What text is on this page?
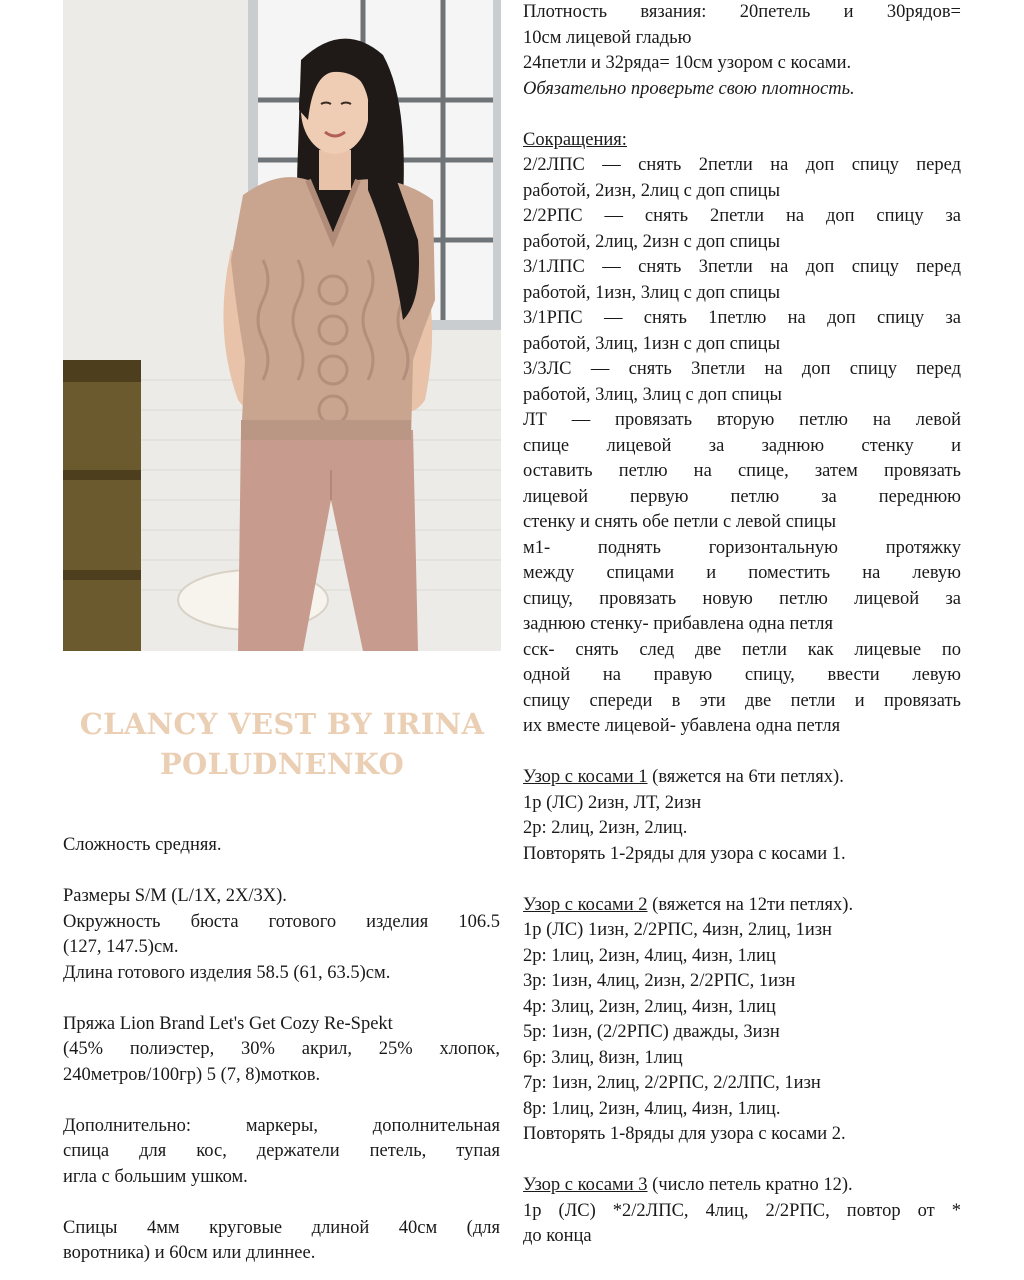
CLANCY VEST BY IRINA
POLUDNENKO
Сложность средняя.
Размеры S/M (L/1X, 2X/3X).
Окружность бюста готового изделия 106.5
(127, 147.5)см.
Длина готового изделия 58.5 (61, 63.5)см.
Пряжа Lion Brand Let's Get Cozy Re-Spekt
(45% полиэстер, 30% акрил, 25% хлопок,
240метров/100гр) 5 (7, 8)мотков.
Дополнительно: маркеры, дополнительная
спица для кос, держатели петель, тупая
игла с большим ушком.
Спицы 4мм круговые длиной 40см (для
воротника) и 60см или длиннее.
Плотность вязания: 20петель и 30рядов=
10см лицевой гладью
24петли и 32ряда= 10см узором с косами.
Обязательно проверьте свою плотность.
Сокращения:
2/2ЛПС — снять 2петли на доп спицу перед
работой, 2изн, 2лиц с доп спицы
2/2РПС — снять 2петли на доп спицу за
работой, 2лиц, 2изн с доп спицы
3/1ЛПС — снять 3петли на доп спицу перед
работой, 1изн, 3лиц с доп спицы
3/1РПС — снять 1петлю на доп спицу за
работой, 3лиц, 1изн с доп спицы
3/3ЛС — снять 3петли на доп спицу перед
работой, 3лиц, 3лиц с доп спицы
ЛТ — провязать вторую петлю на левой
спице лицевой за заднюю стенку и
оставить петлю на спице, затем провязать
лицевой первую петлю за переднюю
стенку и снять обе петли с левой спицы
м1- поднять горизонтальную протяжку
между спицами и поместить на левую
спицу, провязать новую петлю лицевой за
заднюю стенку- прибавлена одна петля
сск- снять след две петли как лицевые по
одной на правую спицу, ввести левую
спицу спереди в эти две петли и провязать
их вместе лицевой- убавлена одна петля
Узор с косами 1 (вяжется на 6ти петлях).
1р (ЛС) 2изн, ЛТ, 2изн
2р: 2лиц, 2изн, 2лиц.
Повторять 1-2ряды для узора с косами 1.
Узор с косами 2 (вяжется на 12ти петлях).
1р (ЛС) 1изн, 2/2РПС, 4изн, 2лиц, 1изн
2р: 1лиц, 2изн, 4лиц, 4изн, 1лиц
3р: 1изн, 4лиц, 2изн, 2/2РПС, 1изн
4р: 3лиц, 2изн, 2лиц, 4изн, 1лиц
5р: 1изн, (2/2РПС) дважды, 3изн
6р: 3лиц, 8изн, 1лиц
7р: 1изн, 2лиц, 2/2РПС, 2/2ЛПС, 1изн
8р: 1лиц, 2изн, 4лиц, 4изн, 1лиц.
Повторять 1-8ряды для узора с косами 2.
Узор с косами 3 (число петель кратно 12).
1р (ЛС) *2/2ЛПС, 4лиц, 2/2РПС, повтор от *
до конца
